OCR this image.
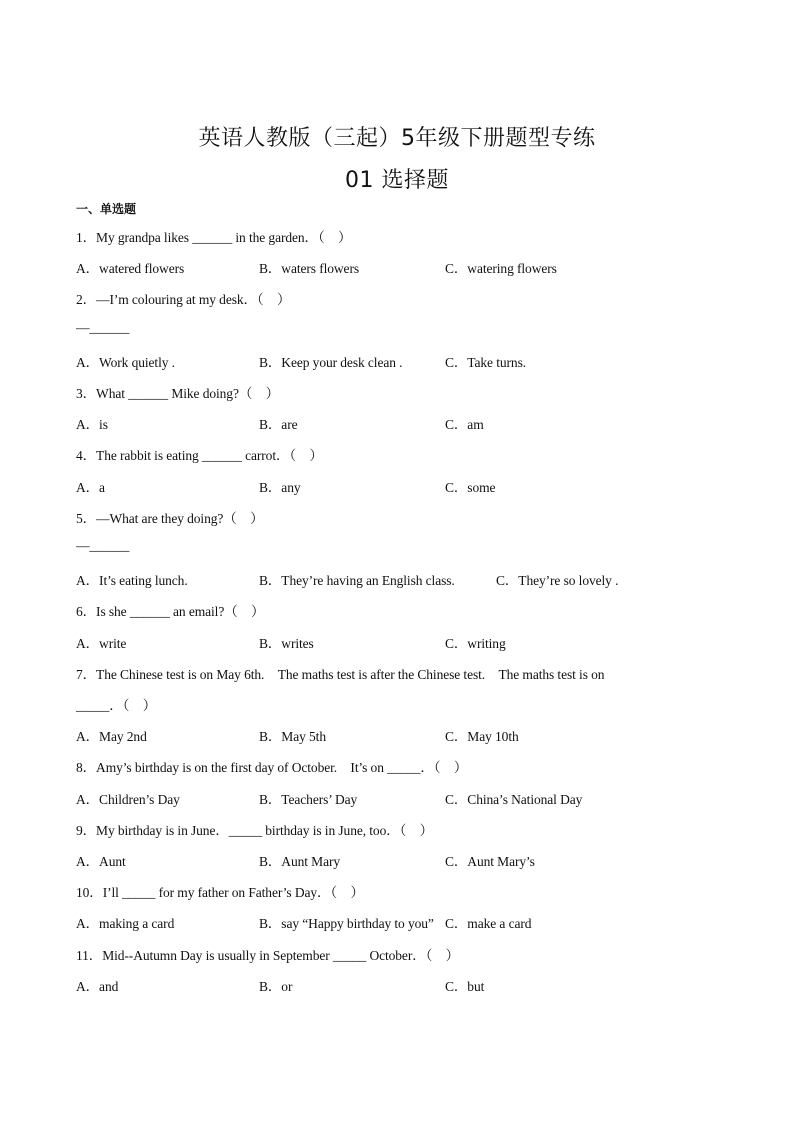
英语人教版（三起）5年级下册题型专练
01 选择题
一、单选题
1．My grandpa likes ______ in the garden．（　）
A．watered flowers	B．waters flowers	C．watering flowers
2．—I’m colouring at my desk．（　）
—______
A．Work quietly .	B．Keep your desk clean .	C．Take turns.
3．What ______ Mike doing?（　）
A．is	B．are	C．am
4．The rabbit is eating ______ carrot．（　）
A．a	B．any	C．some
5．—What are they doing?（　）
—______
A．It’s eating lunch.	B．They’re having an English class.	C．They’re so lovely .
6．Is she ______ an email?（　）
A．write	B．writes	C．writing
7．The Chinese test is on May 6th.　The maths test is after the Chinese test.　The maths test is on
_____．（　）
A．May 2nd	B．May 5th	C．May 10th
8．Amy’s birthday is on the first day of October.　It’s on _____．（　）
A．Children’s Day	B．Teachers’ Day	C．China’s National Day
9．My birthday is in June．_____ birthday is in June, too．（　）
A．Aunt	B．Aunt Mary	C．Aunt Mary’s
10．I’ll _____ for my father on Father’s Day．（　）
A．making a card	B．say “Happy birthday to you” C．make a card
11．Mid--Autumn Day is usually in September _____ October．（　）
A．and	B．or	C．but
